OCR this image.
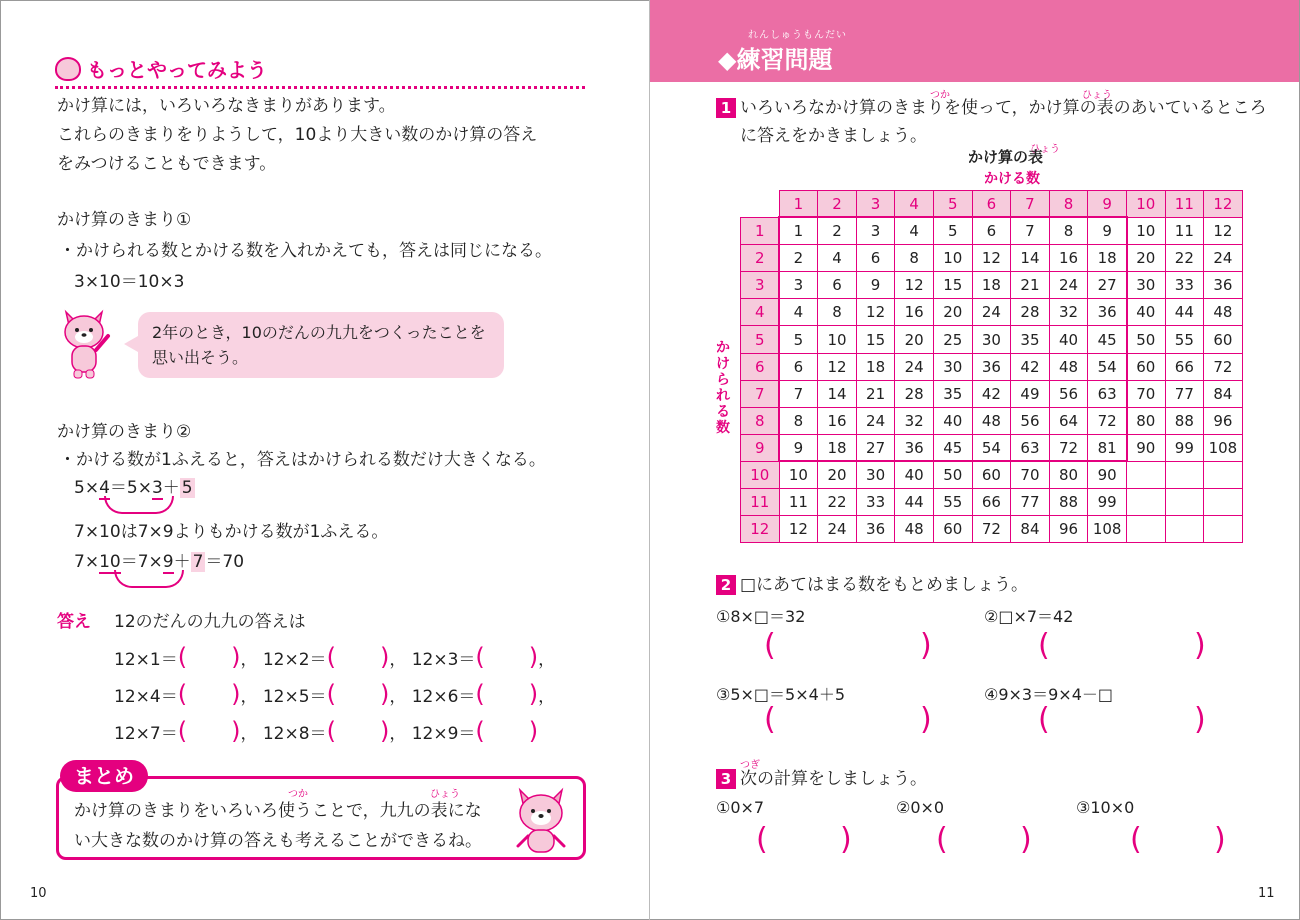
もっとやってみよう
かけ算には，いろいろなきまりがあります。
これらのきまりをりようして，10より大きい数のかけ算の答え
をみつけることもできます。
かけ算のきまり①
・かけられる数とかける数を入れかえても，答えは同じになる。
3×10＝10×3
2年のとき，10のだんの九九をつくったことを
思い出そう。
かけ算のきまり②
・かける数が1ふえると，答えはかけられる数だけ大きくなる。
5×4＝5×3＋ 5
7×10は7×9よりもかける数が1ふえる。
7×10＝7×9＋ 7 ＝70
答え 12のだんの九九の答えは
12×1＝( )， 12×2＝( )， 12×3＝( )，
12×4＝( )， 12×5＝( )， 12×6＝( )，
12×7＝( )， 12×8＝( )， 12×9＝( )
まとめ
つか	ひょう
かけ算のきまりをいろいろ使うことで，九九の表にな
い大きな数のかけ算の答えも考えることができるね。
10
れんしゅうもんだい
◆練習問題
つか	ひょう
1 いろいろなかけ算のきまりを使って，かけ算の表のあいているところ
に答えをかきましょう。
ひょう
かけ算の表
かける数
かけられる数
	1	2	3	4	5	6	7	8	9	10	11	12
1	1	2	3	4	5	6	7	8	9	10	11	12
2	2	4	6	8	10	12	14	16	18	20	22	24
3	3	6	9	12	15	18	21	24	27	30	33	36
4	4	8	12	16	20	24	28	32	36	40	44	48
5	5	10	15	20	25	30	35	40	45	50	55	60
6	6	12	18	24	30	36	42	48	54	60	66	72
7	7	14	21	28	35	42	49	56	63	70	77	84
8	8	16	24	32	40	48	56	64	72	80	88	96
9	9	18	27	36	45	54	63	72	81	90	99	108
10	10	20	30	40	50	60	70	80	90			
11	11	22	33	44	55	66	77	88	99			
12	12	24	36	48	60	72	84	96	108			
2 □にあてはまる数をもとめましょう。
①8×□＝32	②□×7＝42
(	)	(	)
③5×□＝5×4＋5	④9×3＝9×4－□
(	)	(	)
つぎ
3 次の計算をしましょう。
①0×7	②0×0	③10×0
( )	( )	( )
11
